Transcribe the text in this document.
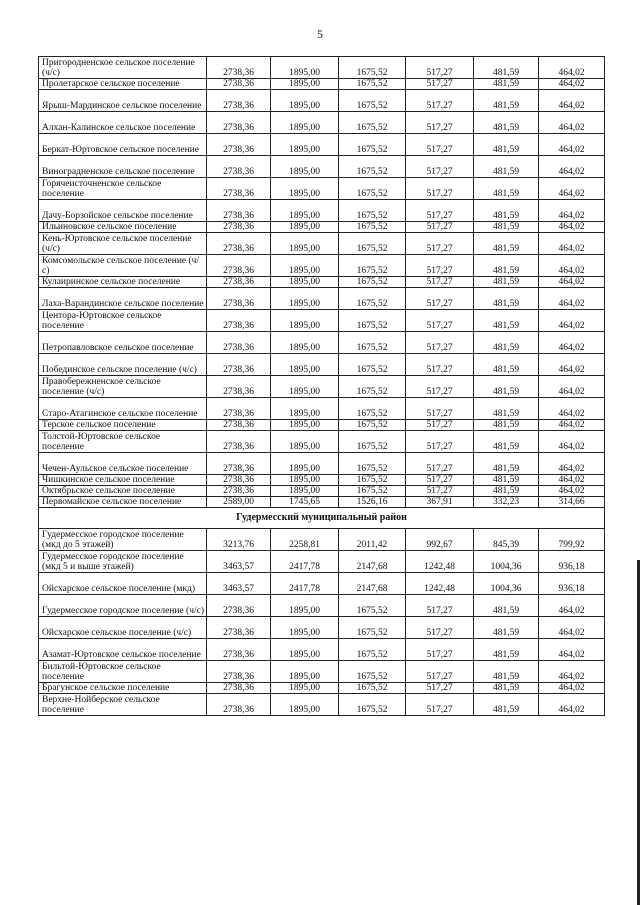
5
Пригородненское сельское поселение (ч/с)	2738,36	1895,00	1675,52	517,27	481,59	464,02
Пролетарское сельское поселение	2738,36	1895,00	1675,52	517,27	481,59	464,02
Ярыш-Мардинское сельское поселение	2738,36	1895,00	1675,52	517,27	481,59	464,02
Алхан-Калинское сельское поселение	2738,36	1895,00	1675,52	517,27	481,59	464,02
Беркат-Юртовское сельское поселение	2738,36	1895,00	1675,52	517,27	481,59	464,02
Виноградненское сельское поселение	2738,36	1895,00	1675,52	517,27	481,59	464,02
Горячеисточненское сельское поселение	2738,36	1895,00	1675,52	517,27	481,59	464,02
Дачу-Борзойское сельское поселение	2738,36	1895,00	1675,52	517,27	481,59	464,02
Ильиновское сельское поселение	2738,36	1895,00	1675,52	517,27	481,59	464,02
Кень-Юртовское сельское поселение (ч/с)	2738,36	1895,00	1675,52	517,27	481,59	464,02
Комсомольское сельское поселение (ч/с)	2738,36	1895,00	1675,52	517,27	481,59	464,02
Кулаиринское сельское поселение	2738,36	1895,00	1675,52	517,27	481,59	464,02
Лаха-Варандинское сельское поселение	2738,36	1895,00	1675,52	517,27	481,59	464,02
Центора-Юртовское сельское поселение	2738,36	1895,00	1675,52	517,27	481,59	464,02
Петропавловское сельское поселение	2738,36	1895,00	1675,52	517,27	481,59	464,02
Побединское сельское поселение (ч/с)	2738,36	1895,00	1675,52	517,27	481,59	464,02
Правобережненское сельское поселение (ч/с)	2738,36	1895,00	1675,52	517,27	481,59	464,02
Старо-Атагинское сельское поселение	2738,36	1895,00	1675,52	517,27	481,59	464,02
Терское сельское поселение	2738,36	1895,00	1675,52	517,27	481,59	464,02
Толстой-Юртовское сельское поселение	2738,36	1895,00	1675,52	517,27	481,59	464,02
Чечен-Аульское сельское поселение	2738,36	1895,00	1675,52	517,27	481,59	464,02
Чишкинское сельское поселение	2738,36	1895,00	1675,52	517,27	481,59	464,02
Октябрьское сельское поселение	2738,36	1895,00	1675,52	517,27	481,59	464,02
Первомайское сельское поселение	2589,00	1745,65	1526,16	367,91	332,23	314,66
Гудермесский муниципальный район						
Гудермесское городское поселение (мкд до 5 этажей)	3213,76	2258,81	2011,42	992,67	845,39	799,92
Гудермесское городское поселение (мкд 5 и выше этажей)	3463,57	2417,78	2147,68	1242,48	1004,36	936,18
Ойсхарское сельское поселение (мкд)	3463,57	2417,78	2147,68	1242,48	1004,36	936,18
Гудермесское городское поселение (ч/с)	2738,36	1895,00	1675,52	517,27	481,59	464,02
Ойсхарское сельское поселение (ч/с)	2738,36	1895,00	1675,52	517,27	481,59	464,02
Азамат-Юртовское сельское поселение	2738,36	1895,00	1675,52	517,27	481,59	464,02
Бильтой-Юртовское сельское поселение	2738,36	1895,00	1675,52	517,27	481,59	464,02
Брагунское сельское поселение	2738,36	1895,00	1675,52	517,27	481,59	464,02
Верхне-Нойберское сельское поселение	2738,36	1895,00	1675,52	517,27	481,59	464,02
